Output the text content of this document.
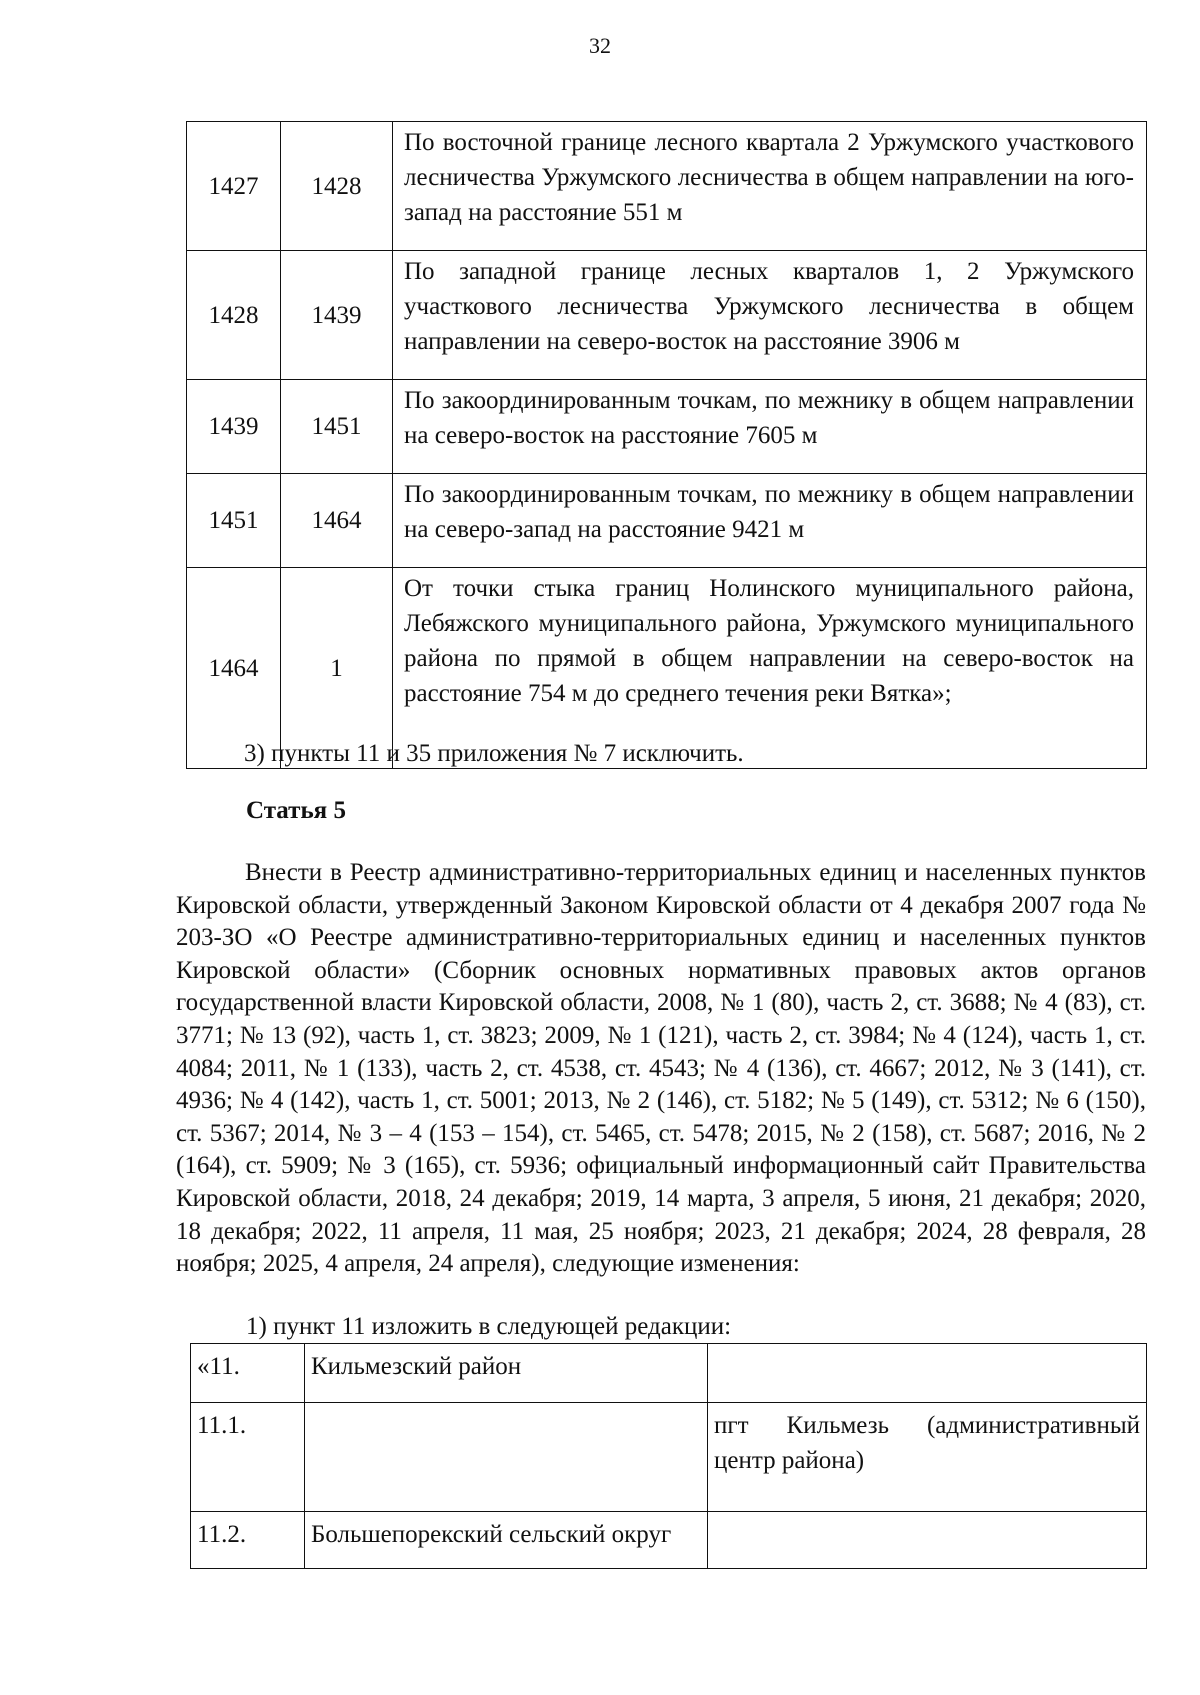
32
1427	1428	По восточной границе лесного квартала 2 Уржумского участкового лесничества Уржумского лесничества в общем направлении на юго-запад на расстояние 551 м
1428	1439	По западной границе лесных кварталов 1, 2 Уржумского участкового лесничества Уржумского лесничества в общем направлении на северо-восток на расстояние 3906 м
1439	1451	По закоординированным точкам, по межнику в общем направлении на северо-восток на расстояние 7605 м
1451	1464	По закоординированным точкам, по межнику в общем направлении на северо-запад на расстояние 9421 м
1464	1	От точки стыка границ Нолинского муниципального района, Лебяжского муниципального района, Уржумского муниципального района по прямой в общем направлении на северо-восток на расстояние 754 м до среднего течения реки Вятка»;
3) пункты 11 и 35 приложения № 7 исключить.
Статья 5
Внести в Реестр административно-территориальных единиц и населенных пунктов Кировской области, утвержденный Законом Кировской области от 4 декабря 2007 года № 203-ЗО «О Реестре административно-территориальных единиц и населенных пунктов Кировской области» (Сборник основных нормативных правовых актов органов государственной власти Кировской области, 2008, № 1 (80), часть 2, ст. 3688; № 4 (83), ст. 3771; № 13 (92), часть 1, ст. 3823; 2009, № 1 (121), часть 2, ст. 3984; № 4 (124), часть 1, ст. 4084; 2011, № 1 (133), часть 2, ст. 4538, ст. 4543; № 4 (136), ст. 4667; 2012, № 3 (141), ст. 4936; № 4 (142), часть 1, ст. 5001; 2013, № 2 (146), ст. 5182; № 5 (149), ст. 5312; № 6 (150), ст. 5367; 2014, № 3 – 4 (153 – 154), ст. 5465, ст. 5478; 2015, № 2 (158), ст. 5687; 2016, № 2 (164), ст. 5909; № 3 (165), ст. 5936; официальный информационный сайт Правительства Кировской области, 2018, 24 декабря; 2019, 14 марта, 3 апреля, 5 июня, 21 декабря; 2020, 18 декабря; 2022, 11 апреля, 11 мая, 25 ноября; 2023, 21 декабря; 2024, 28 февраля, 28 ноября; 2025, 4 апреля, 24 апреля), следующие изменения:
1) пункт 11 изложить в следующей редакции:
«11.	Кильмезский район	
11.1.		пгт Кильмезь (административный центр района)
11.2.	Большепорекский сельский округ	
